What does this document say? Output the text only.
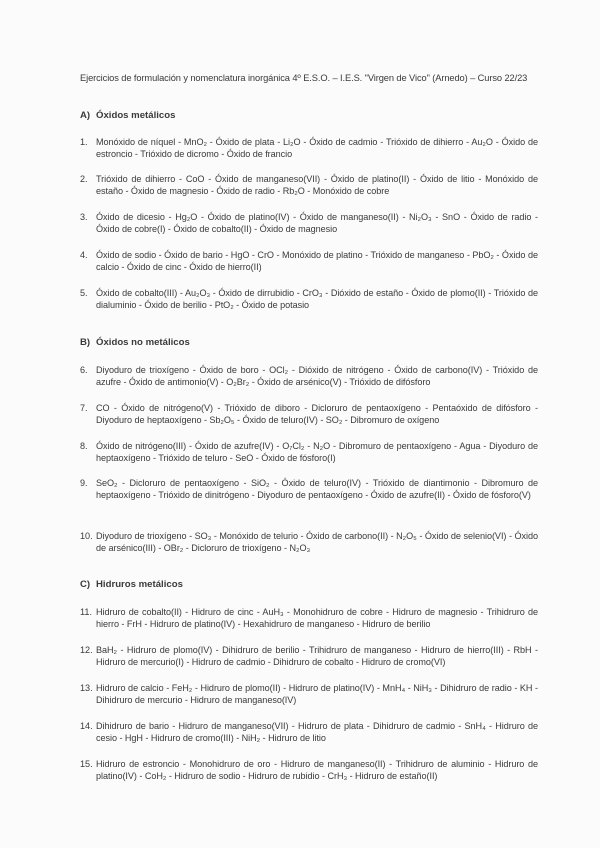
Ejercicios de formulación y nomenclatura inorgánica 4º E.S.O. – I.E.S. "Virgen de Vico" (Arnedo) – Curso 22/23
A) Óxidos metálicos
1. Monóxido de níquel - MnO₂ - Óxido de plata - Li₂O - Óxido de cadmio - Trióxido de dihierro - Au₂O - Óxido de estroncio - Trióxido de dicromo - Óxido de francio
2. Trióxido de dihierro - CoO - Óxido de manganeso(VII) - Óxido de platino(II) - Óxido de litio - Monóxido de estaño - Óxido de magnesio - Óxido de radio - Rb₂O - Monóxido de cobre
3. Óxido de dicesio - Hg₂O - Óxido de platino(IV) - Óxido de manganeso(II) - Ni₂O₃ - SnO - Óxido de radio - Óxido de cobre(I) - Óxido de cobalto(II) - Óxido de magnesio
4. Óxido de sodio - Óxido de bario - HgO - CrO - Monóxido de platino - Trióxido de manganeso - PbO₂ - Óxido de calcio - Óxido de cinc - Óxido de hierro(II)
5. Óxido de cobalto(III) - Au₂O₃ - Óxido de dirrubidio - CrO₃ - Dióxido de estaño - Óxido de plomo(II) - Trióxido de dialuminio - Óxido de berilio - PtO₂ - Óxido de potasio
B) Óxidos no metálicos
6. Diyoduro de trioxígeno - Óxido de boro - OCl₂ - Dióxido de nitrógeno - Óxido de carbono(IV) - Trióxido de azufre - Óxido de antimonio(V) - O₂Br₂ - Óxido de arsénico(V) - Trióxido de difósforo
7. CO - Óxido de nitrógeno(V) - Trióxido de diboro - Dicloruro de pentaoxígeno - Pentaóxido de difósforo - Diyoduro de heptaoxígeno - Sb₂O₅ - Óxido de teluro(IV) - SO₂ - Dibromuro de oxígeno
8. Óxido de nitrógeno(III) - Óxido de azufre(IV) - O₇Cl₂ - N₂O - Dibromuro de pentaoxígeno - Agua - Diyoduro de heptaoxígeno - Trióxido de teluro - SeO - Óxido de fósforo(I)
9. SeO₂ - Dicloruro de pentaoxígeno - SiO₂ - Óxido de teluro(IV) - Trióxido de diantimonio - Dibromuro de heptaoxígeno - Trióxido de dinitrógeno - Diyoduro de pentaoxígeno - Óxido de azufre(II) - Óxido de fósforo(V)
10. Diyoduro de trioxígeno - SO₃ - Monóxido de telurio - Óxido de carbono(II) - N₂O₅ - Óxido de selenio(VI) - Óxido de arsénico(III) - OBr₂ - Dicloruro de trioxígeno - N₂O₃
C) Hidruros metálicos
11. Hidruro de cobalto(II) - Hidruro de cinc - AuH₃ - Monohidruro de cobre - Hidruro de magnesio - Trihidruro de hierro - FrH - Hidruro de platino(IV) - Hexahidruro de manganeso - Hidruro de berilio
12. BaH₂ - Hidruro de plomo(IV) - Dihidruro de berilio - Trihidruro de manganeso - Hidruro de hierro(III) - RbH - Hidruro de mercurio(I) - Hidruro de cadmio - Dihidruro de cobalto - Hidruro de cromo(VI)
13. Hidruro de calcio - FeH₂ - Hidruro de plomo(II) - Hidruro de platino(IV) - MnH₄ - NiH₃ - Dihidruro de radio - KH - Dihidruro de mercurio - Hidruro de manganeso(IV)
14. Dihidruro de bario - Hidruro de manganeso(VII) - Hidruro de plata - Dihidruro de cadmio - SnH₄ - Hidruro de cesio - HgH - Hidruro de cromo(III) - NiH₂ - Hidruro de litio
15. Hidruro de estroncio - Monohidruro de oro - Hidruro de manganeso(II) - Trihidruro de aluminio - Hidruro de platino(IV) - CoH₂ - Hidruro de sodio - Hidruro de rubidio - CrH₃ - Hidruro de estaño(II)
